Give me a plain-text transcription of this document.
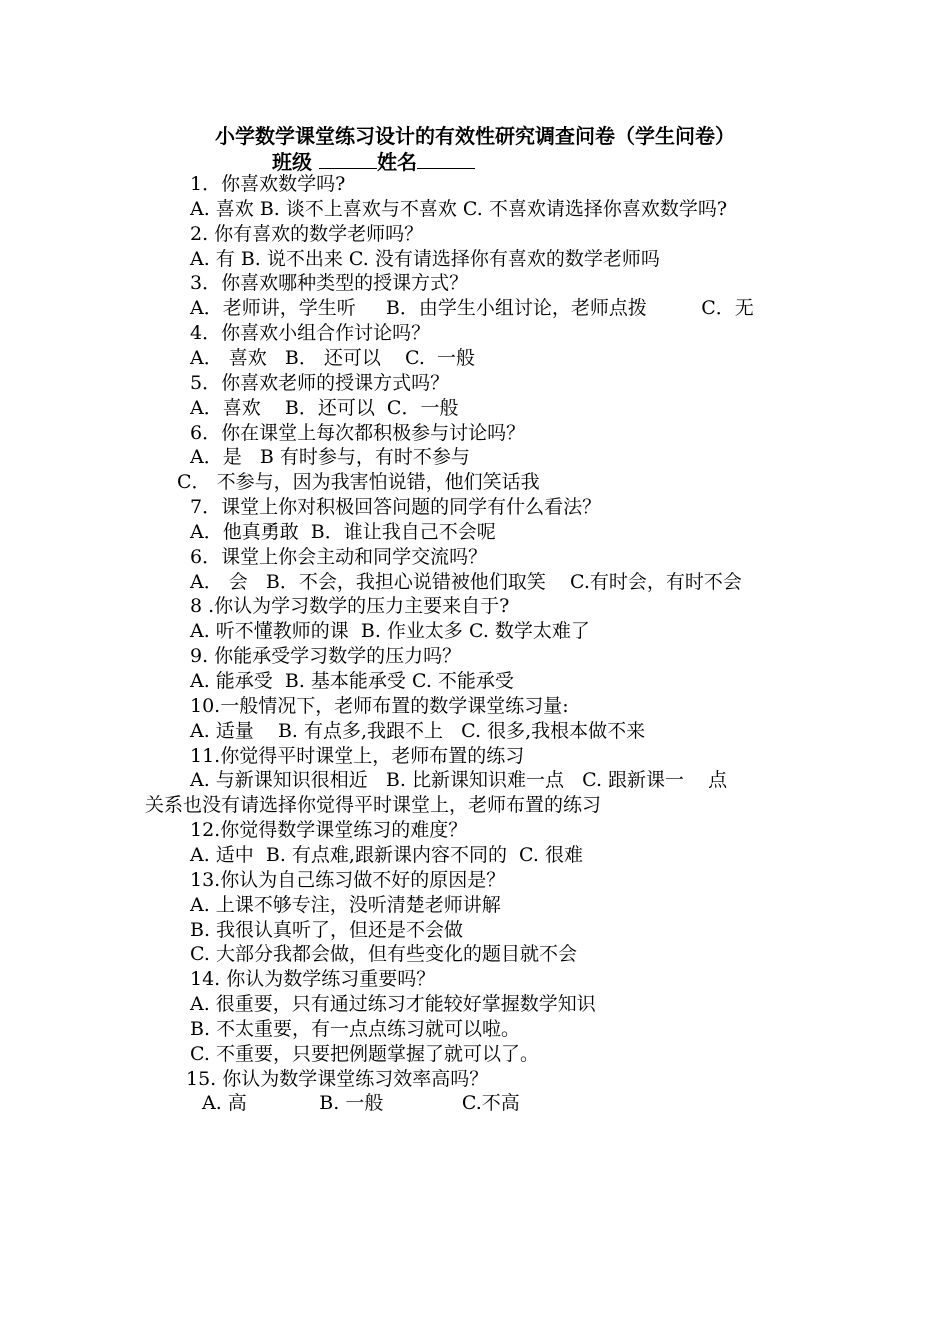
小学数学课堂练习设计的有效性研究调查问卷（学生问卷）
班级	姓名
1．你喜欢数学吗?
A. 喜欢 B. 谈不上喜欢与不喜欢 C. 不喜欢请选择你喜欢数学吗?
2. 你有喜欢的数学老师吗？
A. 有 B. 说不出来 C. 没有请选择你有喜欢的数学老师吗
3．你喜欢哪种类型的授课方式？
A．老师讲，学生听     B．由学生小组讨论，老师点拨         C．无
4．你喜欢小组合作讨论吗？
A． 喜欢   B． 还可以    C.  一般
5．你喜欢老师的授课方式吗？
A．喜欢    B．还可以  C．一般
6．你在课堂上每次都积极参与讨论吗？
A．是   B 有时参与，有时不参与
C． 不参与，因为我害怕说错，他们笑话我
7．课堂上你对积极回答问题的同学有什么看法？
A．他真勇敢  B．谁让我自己不会呢
6．课堂上你会主动和同学交流吗？
A． 会   B．不会，我担心说错被他们取笑    C.有时会，有时不会
8 .你认为学习数学的压力主要来自于?
A. 听不懂教师的课  B. 作业太多 C. 数学太难了
9. 你能承受学习数学的压力吗？
A. 能承受  B. 基本能承受 C. 不能承受
10.一般情况下，老师布置的数学课堂练习量:
A. 适量    B. 有点多,我跟不上   C. 很多,我根本做不来
11.你觉得平时课堂上，老师布置的练习
A. 与新课知识很相近   B. 比新课知识难一点   C. 跟新课一    点
关系也没有请选择你觉得平时课堂上，老师布置的练习
12.你觉得数学课堂练习的难度？
A. 适中  B. 有点难,跟新课内容不同的  C. 很难
13.你认为自己练习做不好的原因是？
A. 上课不够专注，没听清楚老师讲解
B. 我很认真听了，但还是不会做
C. 大部分我都会做，但有些变化的题目就不会
14. 你认为数学练习重要吗？
A. 很重要，只有通过练习才能较好掌握数学知识
B. 不太重要，有一点点练习就可以啦。
C. 不重要，只要把例题掌握了就可以了。
15. 你认为数学课堂练习效率高吗？
A. 高            B. 一般             C.不高
